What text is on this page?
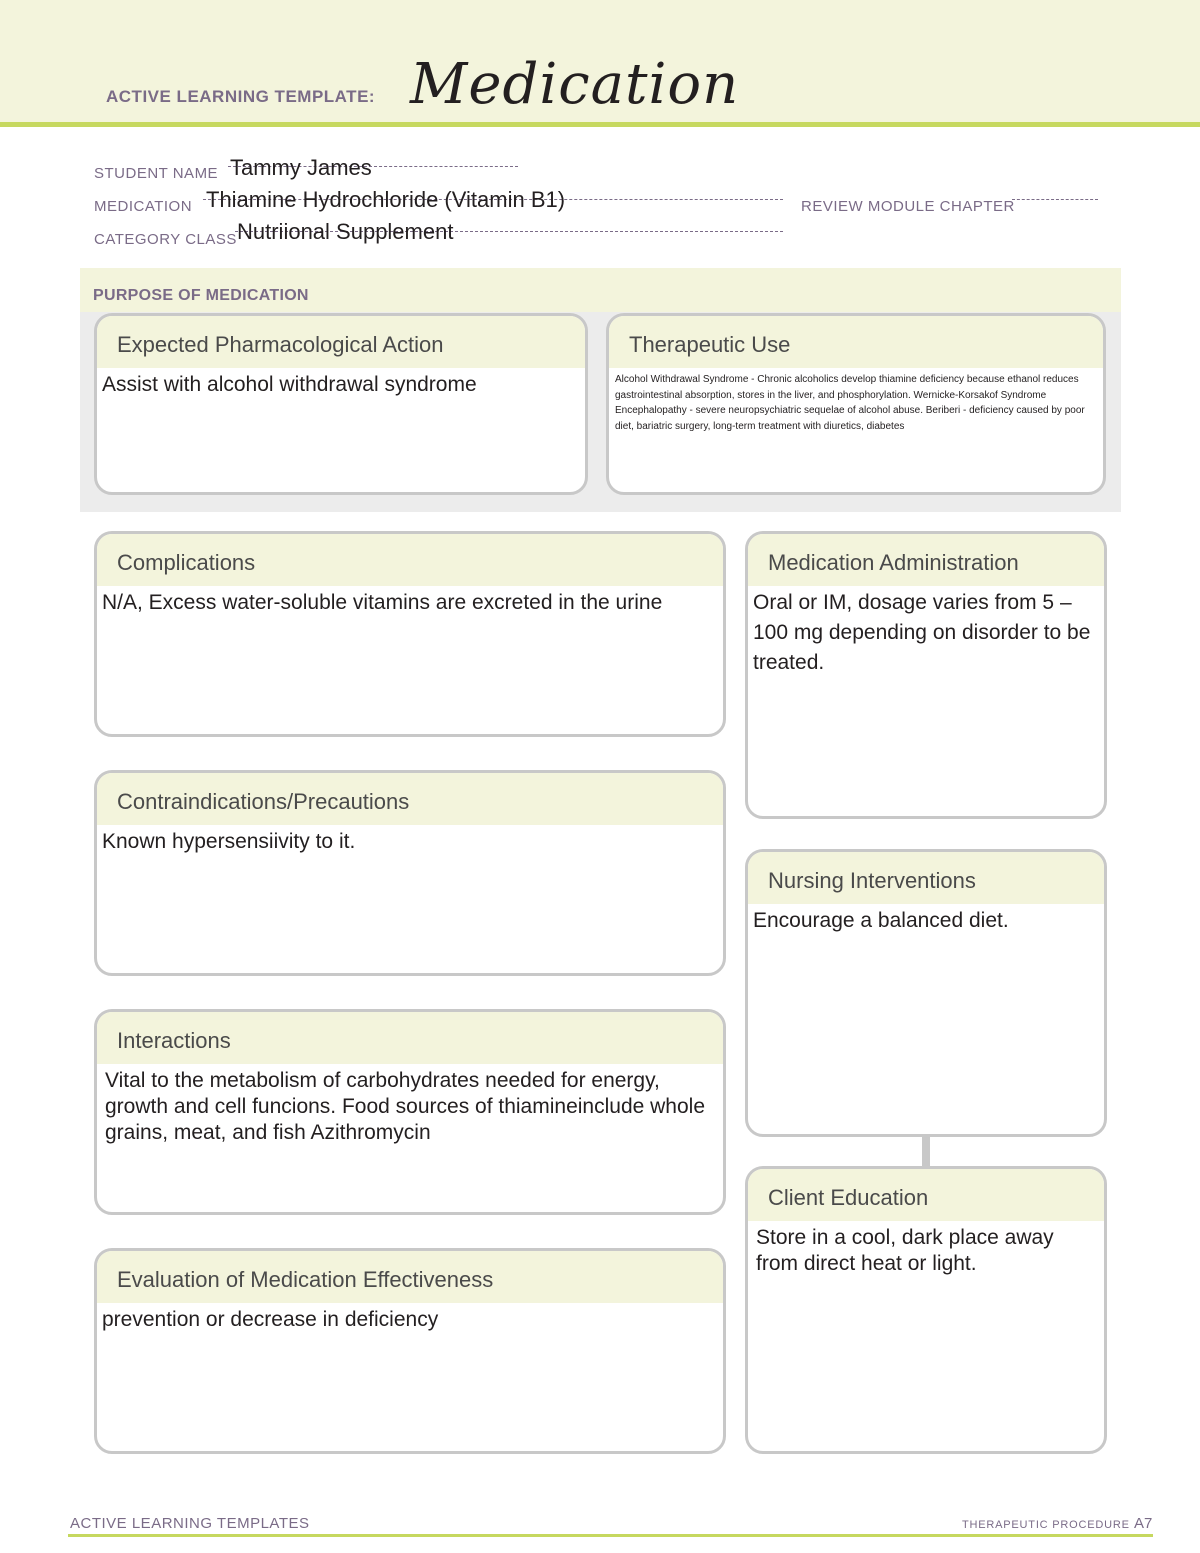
ACTIVE LEARNING TEMPLATE: Medication
STUDENT NAME Tammy James
MEDICATION Thiamine Hydrochloride (Vitamin B1)	REVIEW MODULE CHAPTER
CATEGORY CLASS Nutriional Supplement
PURPOSE OF MEDICATION
Expected Pharmacological Action
Assist with alcohol withdrawal syndrome
Therapeutic Use
Alcohol Withdrawal Syndrome - Chronic alcoholics develop thiamine deficiency because ethanol reduces gastrointestinal absorption, stores in the liver, and phosphorylation. Wernicke-Korsakof Syndrome Encephalopathy - severe neuropsychiatric sequelae of alcohol abuse. Beriberi - deficiency caused by poor diet, bariatric surgery, long-term treatment with diuretics, diabetes
Complications
N/A, Excess water-soluble vitamins are excreted in the urine
Contraindications/Precautions
Known hypersensiivity to it.
Interactions
Vital to the metabolism of carbohydrates needed for energy, growth and cell funcions. Food sources of thiamineinclude whole grains, meat, and fish Azithromycin
Evaluation of Medication Effectiveness
prevention or decrease in deficiency
Medication Administration
Oral or IM, dosage varies from 5 – 100 mg depending on disorder to be treated.
Nursing Interventions
Encourage a balanced diet.
Client Education
Store in a cool, dark place away from direct heat or light.
ACTIVE LEARNING TEMPLATES	THERAPEUTIC PROCEDURE A7
